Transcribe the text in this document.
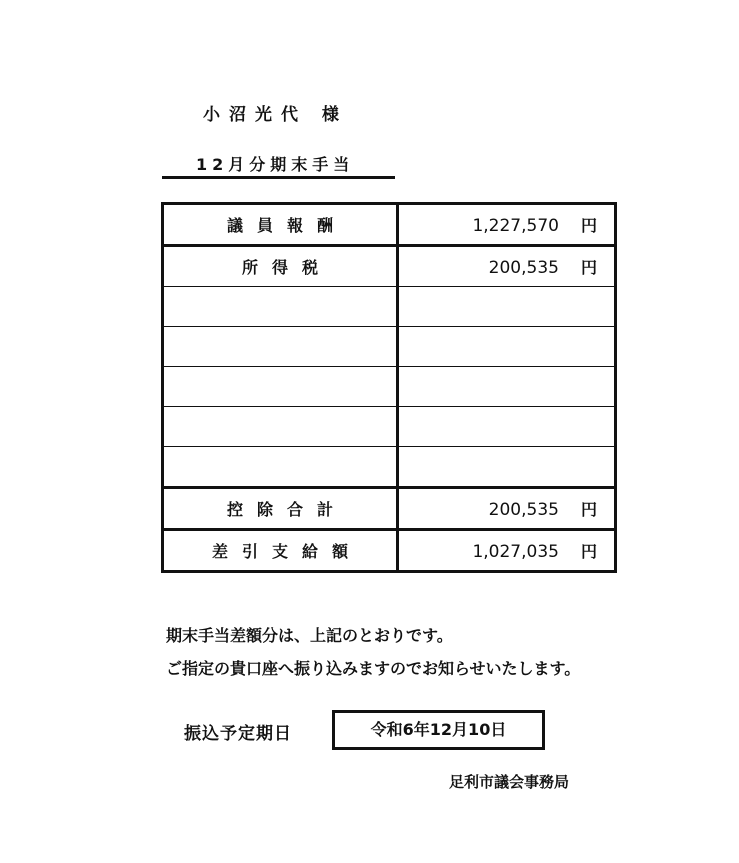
小沼光代 様
12月分期末手当
議員報酬	1,227,570 円
所得税	200,535 円

控除合計	200,535 円
差引支給額	1,027,035 円
期末手当差額分は、上記のとおりです。
ご指定の貴口座へ振り込みますのでお知らせいたします。
振込予定期日	令和6年12月10日
足利市議会事務局
